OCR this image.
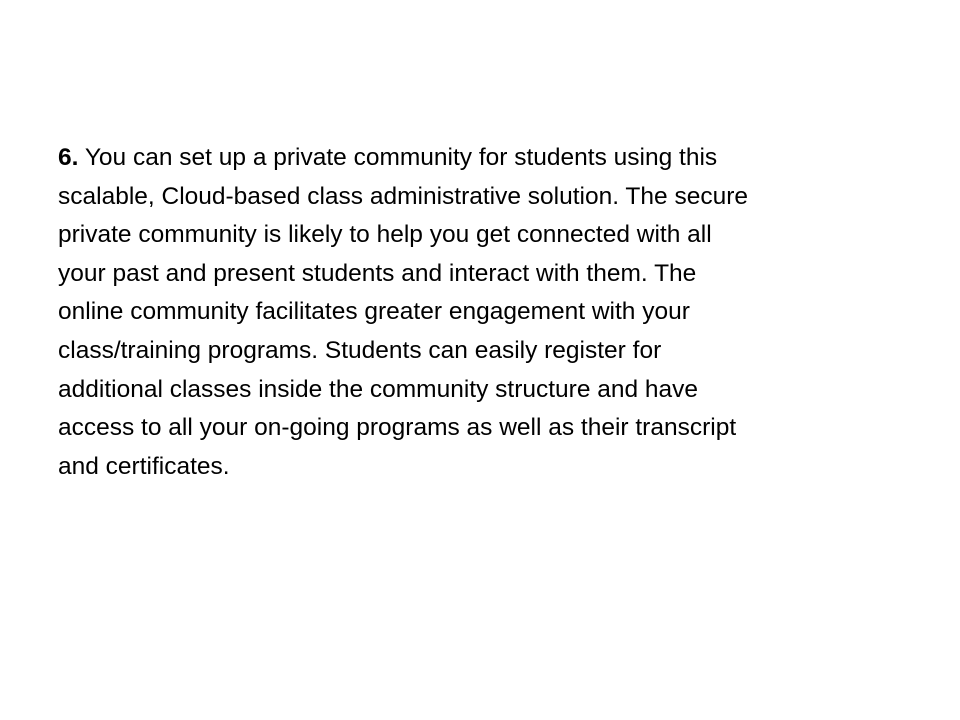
6. You can set up a private community for students using this
scalable, Cloud-based class administrative solution. The secure
private community is likely to help you get connected with all
your past and present students and interact with them. The
online community facilitates greater engagement with your
class/training programs. Students can easily register for
additional classes inside the community structure and have
access to all your on-going programs as well as their transcript
and certificates.
